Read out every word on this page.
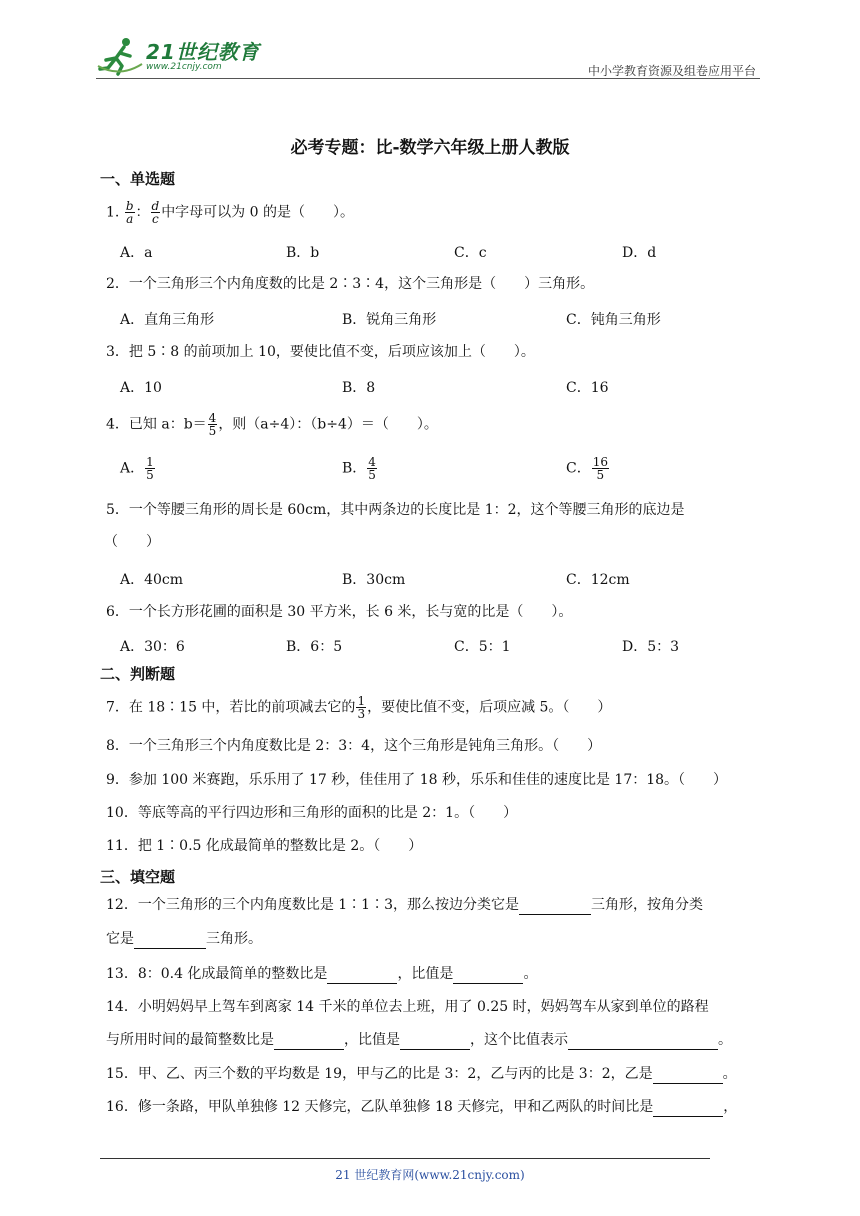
21世纪教育
www.21cnjy.com	中小学教育资源及组卷应用平台
必考专题：比-数学六年级上册人教版
一、单选题
1. $\frac{b}{a}$ ： $\frac{d}{c}$ 中字母可以为 0 的是（　　）。
A．a	B．b	C．c	D．d
2．一个三角形三个内角度数的比是 2∶3∶4，这个三角形是（　　）三角形。
A．直角三角形	B．锐角三角形	C．钝角三角形
3．把 5∶8 的前项加上 10，要使比值不变，后项应该加上（　　）。
A．10	B．8	C．16
4．已知 a：$b= \frac{4}{5}$ ，则（a÷4）：（b÷4）＝（　　）。
A． $\frac{1}{5}$	B． $\frac{4}{5}$	C． $\frac{16}{5}$
5．一个等腰三角形的周长是 60cm，其中两条边的长度比是 1：2，这个等腰三角形的底边是
（　　）
A．40cm	B．30cm	C．12cm
6．一个长方形花圃的面积是 30 平方米，长 6 米，长与宽的比是（　　）。
A．30：6	B．6：5	C．5：1	D．5：3
二、判断题
7．在 18∶15 中，若比的前项减去它的 $\frac{1}{3}$ ，要使比值不变，后项应减 5。（　　）
8．一个三角形三个内角度数比是 2：3：4，这个三角形是钝角三角形。（　　）
9．参加 100 米赛跑，乐乐用了 17 秒，佳佳用了 18 秒，乐乐和佳佳的速度比是 17：18。（　　）
10．等底等高的平行四边形和三角形的面积的比是 2：1。（　　）
11．把 1∶0.5 化成最简单的整数比是 2。（　　）
三、填空题
12．一个三角形的三个内角度数比是 1∶1∶3，那么按边分类它是	三角形，按角分类
它是	三角形。
13．8：0.4 化成最简单的整数比是	，比值是	。
14．小明妈妈早上驾车到离家 14 千米的单位去上班，用了 0.25 时，妈妈驾车从家到单位的路程
与所用时间的最简整数比是	，比值是	，这个比值表示	。
15．甲、乙、丙三个数的平均数是 19，甲与乙的比是 3：2，乙与丙的比是 3：2，乙是	。
16．修一条路，甲队单独修 12 天修完，乙队单独修 18 天修完，甲和乙两队的时间比是	，
21 世纪教育网(www.21cnjy.com)
